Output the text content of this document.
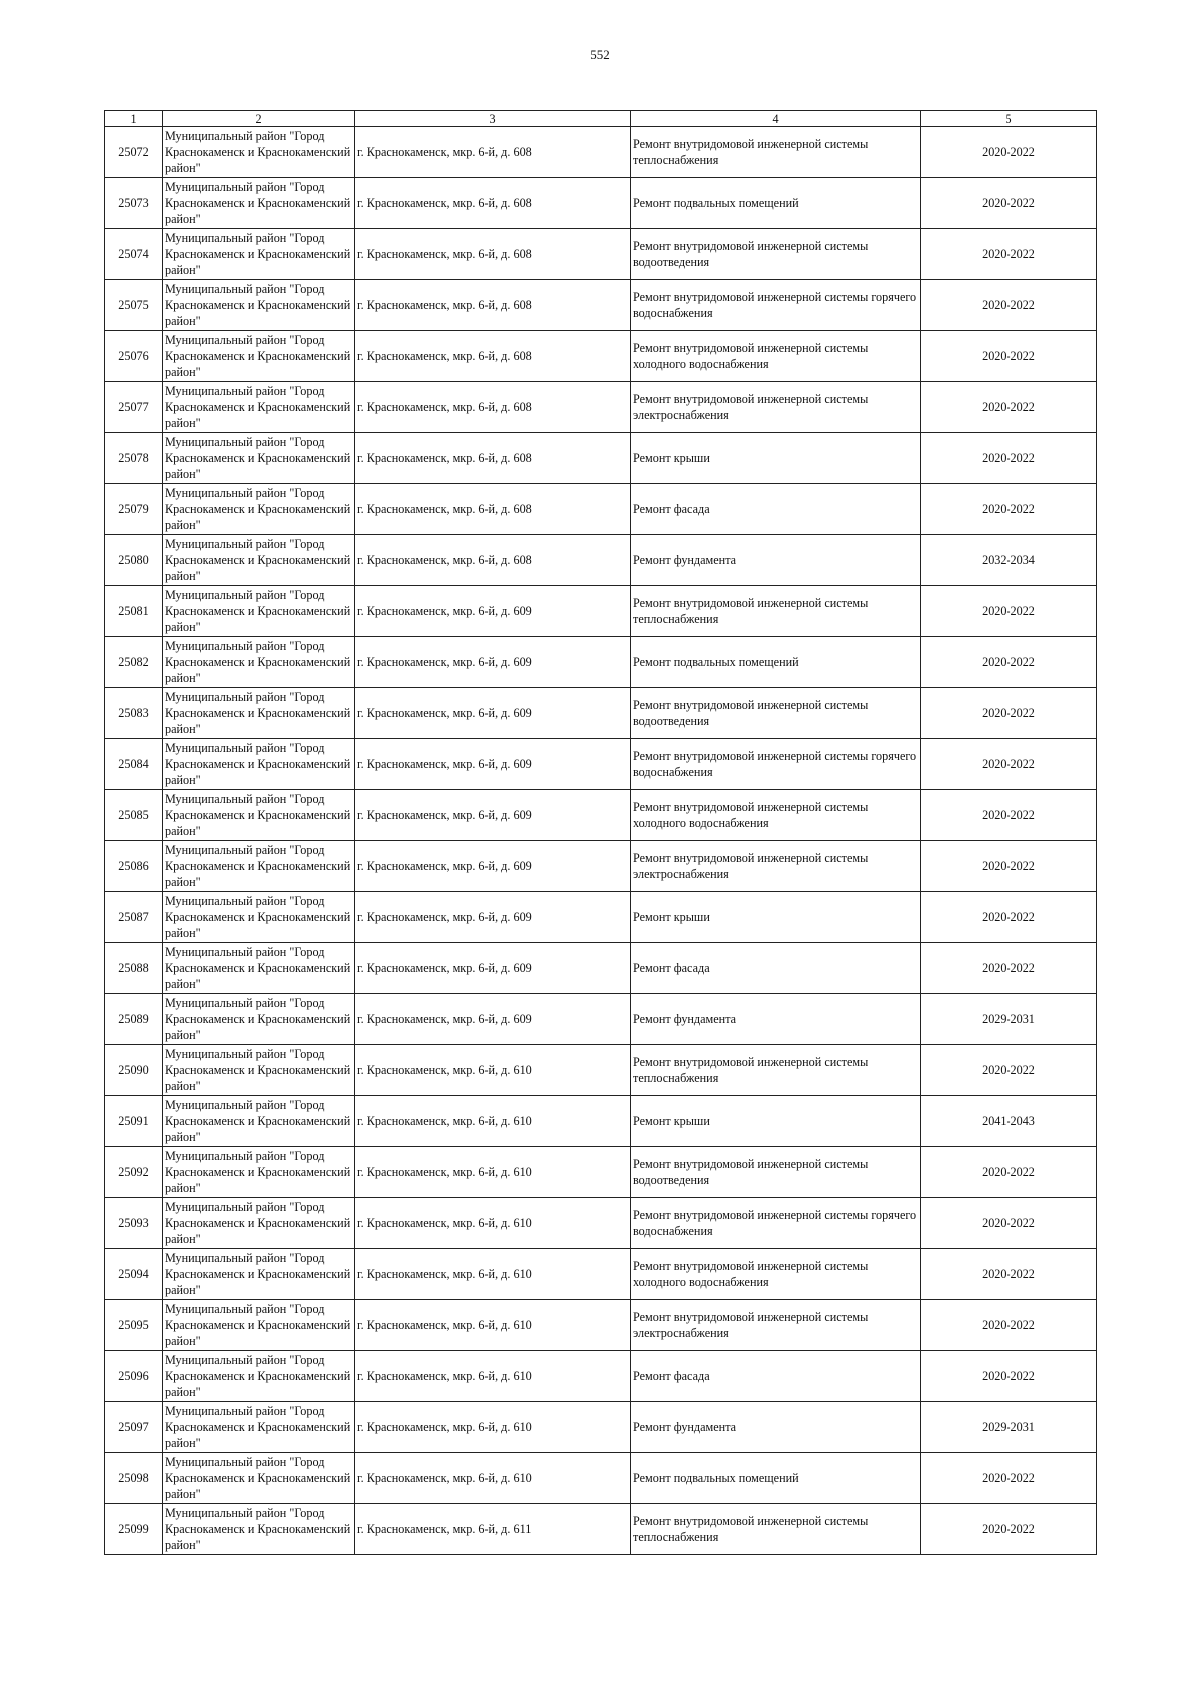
552
1	2	3	4	5
25072	Муниципальный район "Город Краснокаменск и Краснокаменский район"	г. Краснокаменск, мкр. 6-й, д. 608	Ремонт внутридомовой инженерной системы теплоснабжения	2020-2022
25073	Муниципальный район "Город Краснокаменск и Краснокаменский район"	г. Краснокаменск, мкр. 6-й, д. 608	Ремонт подвальных помещений	2020-2022
25074	Муниципальный район "Город Краснокаменск и Краснокаменский район"	г. Краснокаменск, мкр. 6-й, д. 608	Ремонт внутридомовой инженерной системы водоотведения	2020-2022
25075	Муниципальный район "Город Краснокаменск и Краснокаменский район"	г. Краснокаменск, мкр. 6-й, д. 608	Ремонт внутридомовой инженерной системы горячего водоснабжения	2020-2022
25076	Муниципальный район "Город Краснокаменск и Краснокаменский район"	г. Краснокаменск, мкр. 6-й, д. 608	Ремонт внутридомовой инженерной системы холодного водоснабжения	2020-2022
25077	Муниципальный район "Город Краснокаменск и Краснокаменский район"	г. Краснокаменск, мкр. 6-й, д. 608	Ремонт внутридомовой инженерной системы электроснабжения	2020-2022
25078	Муниципальный район "Город Краснокаменск и Краснокаменский район"	г. Краснокаменск, мкр. 6-й, д. 608	Ремонт крыши	2020-2022
25079	Муниципальный район "Город Краснокаменск и Краснокаменский район"	г. Краснокаменск, мкр. 6-й, д. 608	Ремонт фасада	2020-2022
25080	Муниципальный район "Город Краснокаменск и Краснокаменский район"	г. Краснокаменск, мкр. 6-й, д. 608	Ремонт фундамента	2032-2034
25081	Муниципальный район "Город Краснокаменск и Краснокаменский район"	г. Краснокаменск, мкр. 6-й, д. 609	Ремонт внутридомовой инженерной системы теплоснабжения	2020-2022
25082	Муниципальный район "Город Краснокаменск и Краснокаменский район"	г. Краснокаменск, мкр. 6-й, д. 609	Ремонт подвальных помещений	2020-2022
25083	Муниципальный район "Город Краснокаменск и Краснокаменский район"	г. Краснокаменск, мкр. 6-й, д. 609	Ремонт внутридомовой инженерной системы водоотведения	2020-2022
25084	Муниципальный район "Город Краснокаменск и Краснокаменский район"	г. Краснокаменск, мкр. 6-й, д. 609	Ремонт внутридомовой инженерной системы горячего водоснабжения	2020-2022
25085	Муниципальный район "Город Краснокаменск и Краснокаменский район"	г. Краснокаменск, мкр. 6-й, д. 609	Ремонт внутридомовой инженерной системы холодного водоснабжения	2020-2022
25086	Муниципальный район "Город Краснокаменск и Краснокаменский район"	г. Краснокаменск, мкр. 6-й, д. 609	Ремонт внутридомовой инженерной системы электроснабжения	2020-2022
25087	Муниципальный район "Город Краснокаменск и Краснокаменский район"	г. Краснокаменск, мкр. 6-й, д. 609	Ремонт крыши	2020-2022
25088	Муниципальный район "Город Краснокаменск и Краснокаменский район"	г. Краснокаменск, мкр. 6-й, д. 609	Ремонт фасада	2020-2022
25089	Муниципальный район "Город Краснокаменск и Краснокаменский район"	г. Краснокаменск, мкр. 6-й, д. 609	Ремонт фундамента	2029-2031
25090	Муниципальный район "Город Краснокаменск и Краснокаменский район"	г. Краснокаменск, мкр. 6-й, д. 610	Ремонт внутридомовой инженерной системы теплоснабжения	2020-2022
25091	Муниципальный район "Город Краснокаменск и Краснокаменский район"	г. Краснокаменск, мкр. 6-й, д. 610	Ремонт крыши	2041-2043
25092	Муниципальный район "Город Краснокаменск и Краснокаменский район"	г. Краснокаменск, мкр. 6-й, д. 610	Ремонт внутридомовой инженерной системы водоотведения	2020-2022
25093	Муниципальный район "Город Краснокаменск и Краснокаменский район"	г. Краснокаменск, мкр. 6-й, д. 610	Ремонт внутридомовой инженерной системы горячего водоснабжения	2020-2022
25094	Муниципальный район "Город Краснокаменск и Краснокаменский район"	г. Краснокаменск, мкр. 6-й, д. 610	Ремонт внутридомовой инженерной системы холодного водоснабжения	2020-2022
25095	Муниципальный район "Город Краснокаменск и Краснокаменский район"	г. Краснокаменск, мкр. 6-й, д. 610	Ремонт внутридомовой инженерной системы электроснабжения	2020-2022
25096	Муниципальный район "Город Краснокаменск и Краснокаменский район"	г. Краснокаменск, мкр. 6-й, д. 610	Ремонт фасада	2020-2022
25097	Муниципальный район "Город Краснокаменск и Краснокаменский район"	г. Краснокаменск, мкр. 6-й, д. 610	Ремонт фундамента	2029-2031
25098	Муниципальный район "Город Краснокаменск и Краснокаменский район"	г. Краснокаменск, мкр. 6-й, д. 610	Ремонт подвальных помещений	2020-2022
25099	Муниципальный район "Город Краснокаменск и Краснокаменский район"	г. Краснокаменск, мкр. 6-й, д. 611	Ремонт внутридомовой инженерной системы теплоснабжения	2020-2022
